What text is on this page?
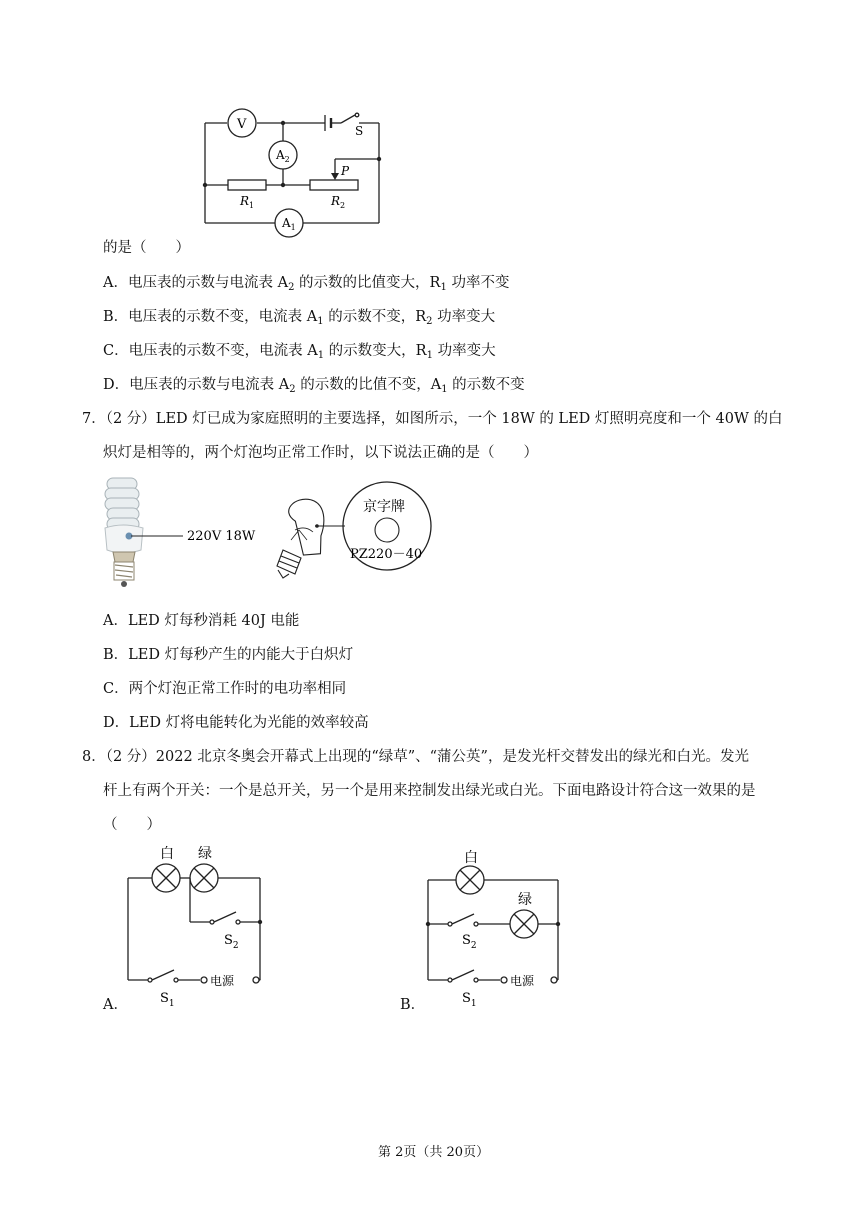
V
$A_2$
$A_1$
S
P
$R_1$	$R_2$
的是（　　）
A．电压表的示数与电流表 $A_2$ 的示数的比值变大，$R_1$ 功率不变
B．电压表的示数不变，电流表 $A_1$ 的示数不变，$R_2$ 功率变大
C．电压表的示数不变，电流表 $A_1$ 的示数变大，$R_1$ 功率变大
D．电压表的示数与电流表 $A_2$ 的示数的比值不变，$A_1$ 的示数不变
7．（2 分）LED 灯已成为家庭照明的主要选择，如图所示，一个 18W 的 LED 灯照明亮度和一个 40W 的白
炽灯是相等的，两个灯泡均正常工作时，以下说法正确的是（　　）
220V 18W
京字牌
PZ220－40
A．LED 灯每秒消耗 40J 电能
B．LED 灯每秒产生的内能大于白炽灯
C．两个灯泡正常工作时的电功率相同
D．LED 灯将电能转化为光能的效率较高
8．（2 分）2022 北京冬奥会开幕式上出现的“绿草”、“蒲公英”，是发光杆交替发出的绿光和白光。发光
杆上有两个开关：一个是总开关，另一个是用来控制发出绿光或白光。下面电路设计符合这一效果的是
（　　）
白 绿
$S_2$
$S_1$
电源
A．
白
绿
$S_2$
$S_1$
电源
B．
第 2页（共 20页）
